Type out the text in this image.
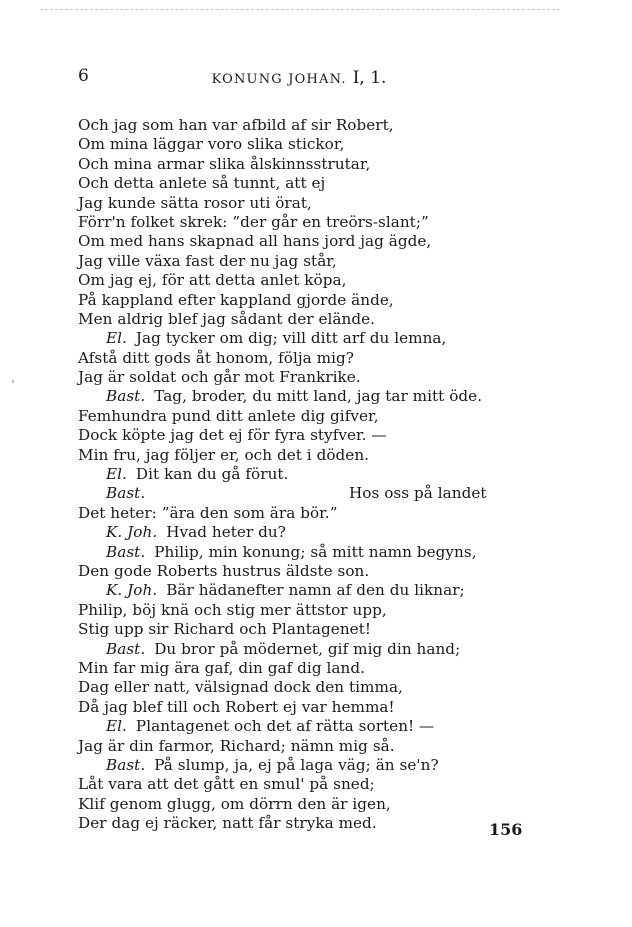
6	KONUNG JOHAN. I, 1.
Och jag som han var afbild af sir Robert,
Om mina läggar voro slika stickor,
Och mina armar slika ålskinnsstrutar,
Och detta anlete så tunnt, att ej
Jag kunde sätta rosor uti örat,
Förr'n folket skrek: ”der går en treörs-slant;”
Om med hans skapnad all hans jord jag ägde,
Jag ville växa fast der nu jag står,
Om jag ej, för att detta anlet köpa,
På kappland efter kappland gjorde ände,
Men aldrig blef jag sådant der elände.
El. Jag tycker om dig; vill ditt arf du lemna,
Afstå ditt gods åt honom, följa mig?
Jag är soldat och går mot Frankrike.
Bast. Tag, broder, du mitt land, jag tar mitt öde.
Femhundra pund ditt anlete dig gifver,
Dock köpte jag det ej för fyra styfver. —
Min fru, jag följer er, och det i döden.
El. Dit kan du gå förut.
Bast.	Hos oss på landet
Det heter: ”ära den som ära bör.”
K. Joh. Hvad heter du?
Bast. Philip, min konung; så mitt namn begyns,
Den gode Roberts hustrus äldste son.
K. Joh. Bär hädanefter namn af den du liknar;
Philip, böj knä och stig mer ättstor upp,
Stig upp sir Richard och Plantagenet!
Bast. Du bror på mödernet, gif mig din hand;
Min far mig ära gaf, din gaf dig land.
Dag eller natt, välsignad dock den timma,
Då jag blef till och Robert ej var hemma!
El. Plantagenet och det af rätta sorten! —
Jag är din farmor, Richard; nämn mig så.
Bast. På slump, ja, ej på laga väg; än se'n?
Låt vara att det gått en smul' på sned;
Klif genom glugg, om dörrn den är igen,
Der dag ej räcker, natt får stryka med.	156
